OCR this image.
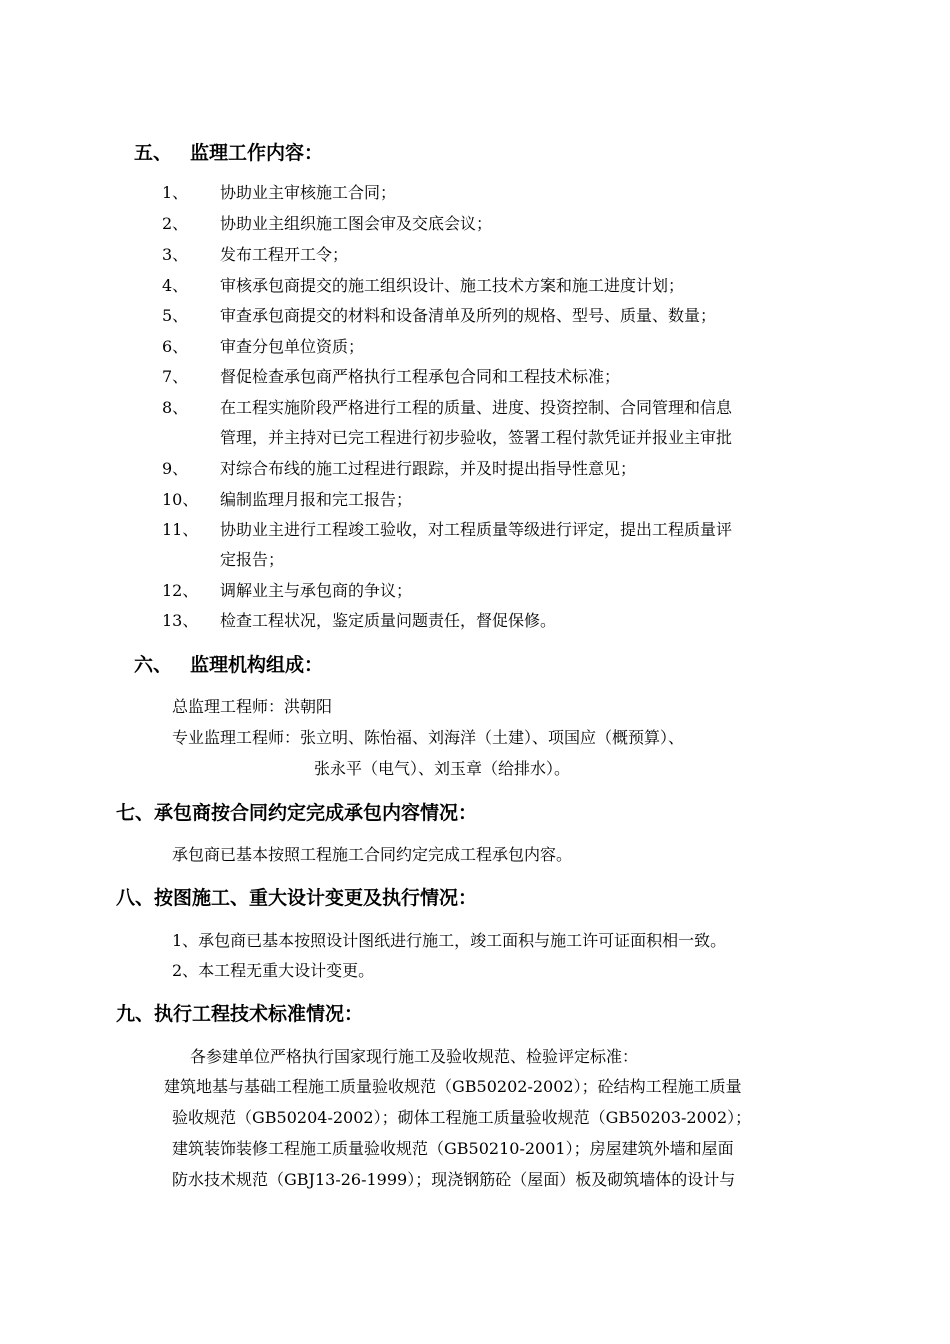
五、 监理工作内容：
1、 协助业主审核施工合同；
2、 协助业主组织施工图会审及交底会议；
3、 发布工程开工令；
4、 审核承包商提交的施工组织设计、施工技术方案和施工进度计划；
5、 审查承包商提交的材料和设备清单及所列的规格、型号、质量、数量；
6、 审查分包单位资质；
7、 督促检查承包商严格执行工程承包合同和工程技术标准；
8、 在工程实施阶段严格进行工程的质量、进度、投资控制、合同管理和信息
管理，并主持对已完工程进行初步验收，签署工程付款凭证并报业主审批
9、 对综合布线的施工过程进行跟踪，并及时提出指导性意见；
10、 编制监理月报和完工报告；
11、 协助业主进行工程竣工验收，对工程质量等级进行评定，提出工程质量评
定报告；
12、 调解业主与承包商的争议；
13、 检查工程状况，鉴定质量问题责任，督促保修。
六、 监理机构组成：
总监理工程师：洪朝阳
专业监理工程师：张立明、陈怡福、刘海洋（土建）、项国应（概预算）、
张永平（电气）、刘玉章（给排水）。
七、承包商按合同约定完成承包内容情况：
承包商已基本按照工程施工合同约定完成工程承包内容。
八、按图施工、重大设计变更及执行情况：
1、承包商已基本按照设计图纸进行施工，竣工面积与施工许可证面积相一致。
2、本工程无重大设计变更。
九、执行工程技术标准情况：
各参建单位严格执行国家现行施工及验收规范、检验评定标准：
建筑地基与基础工程施工质量验收规范（GB50202-2002）；砼结构工程施工质量
验收规范（GB50204-2002）；砌体工程施工质量验收规范（GB50203-2002）；
建筑装饰装修工程施工质量验收规范（GB50210-2001）；房屋建筑外墙和屋面
防水技术规范（GBJ13-26-1999）；现浇钢筋砼（屋面）板及砌筑墙体的设计与
